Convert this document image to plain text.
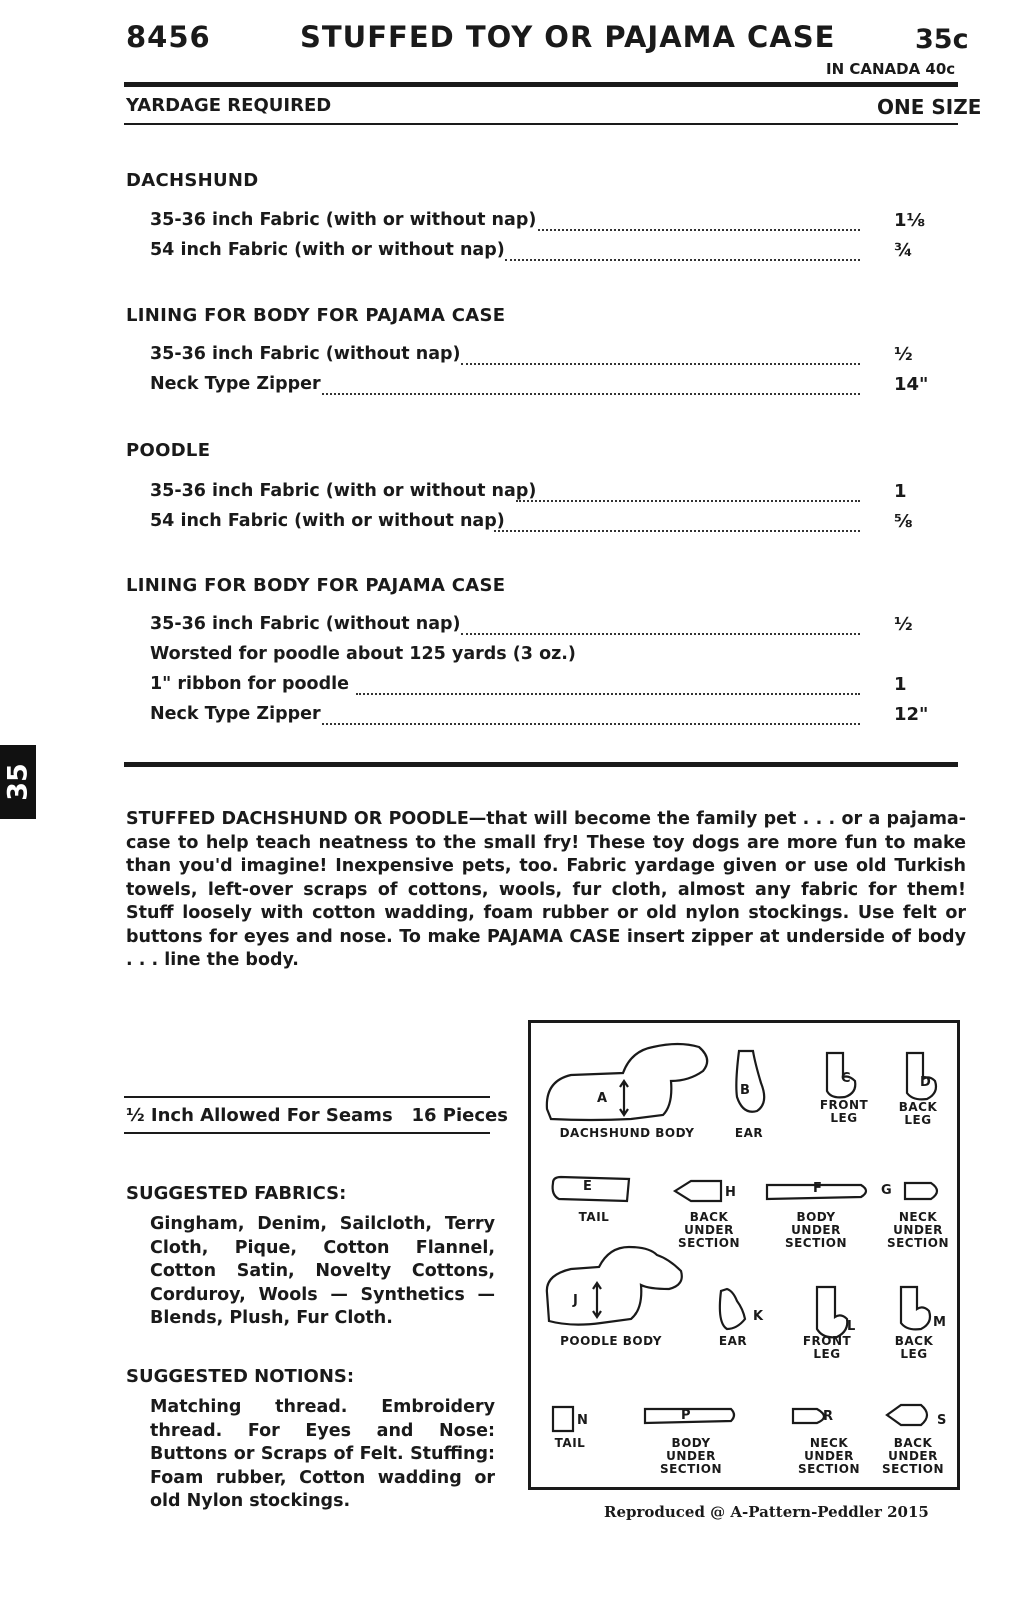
8456	STUFFED TOY OR PAJAMA CASE	35c
IN CANADA 40c
YARDAGE REQUIRED	ONE SIZE
DACHSHUND
35-36 inch Fabric (with or without nap)	1⅛
54 inch Fabric (with or without nap)	¾
LINING FOR BODY FOR PAJAMA CASE
35-36 inch Fabric (without nap)	½
Neck Type Zipper	14"
POODLE
35-36 inch Fabric (with or without nap)	1
54 inch Fabric (with or without nap)	⅝
LINING FOR BODY FOR PAJAMA CASE
35-36 inch Fabric (without nap)	½
Worsted for poodle about 125 yards (3 oz.)
1" ribbon for poodle	1
Neck Type Zipper	12"
35
STUFFED DACHSHUND OR POODLE—that will become the family pet . . . or a pajama-case to help teach neatness to the small fry! These toy dogs are more fun to make than you'd imagine! Inexpensive pets, too. Fabric yardage given or use old Turkish towels, left-over scraps of cottons, wools, fur cloth, almost any fabric for them! Stuff loosely with cotton wadding, foam rubber or old nylon stockings. Use felt or buttons for eyes and nose. To make PAJAMA CASE insert zipper at underside of body . . . line the body.
½ Inch Allowed For Seams   16 Pieces
SUGGESTED FABRICS:
Gingham, Denim, Sailcloth, Terry Cloth, Pique, Cotton Flannel, Cotton Satin, Novelty Cottons, Corduroy, Wools — Synthetics — Blends, Plush, Fur Cloth.
SUGGESTED NOTIONS:
Matching thread. Embroidery thread. For Eyes and Nose: Buttons or Scraps of Felt. Stuffing: Foam rubber, Cotton wadding or old Nylon stockings.
A
B
C	D
E	F	G
H
J
K
L	M
N	P	R	S
DACHSHUND BODY	EAR
FRONT LEG
BACK LEG
TAIL	BACK UNDER SECTION
BODY UNDER SECTION
NECK UNDER SECTION
POODLE BODY	EAR	FRONT LEG
BACK LEG
TAIL	BODY UNDER SECTION
NECK UNDER SECTION
BACK UNDER SECTION
Reproduced @ A-Pattern-Peddler 2015
